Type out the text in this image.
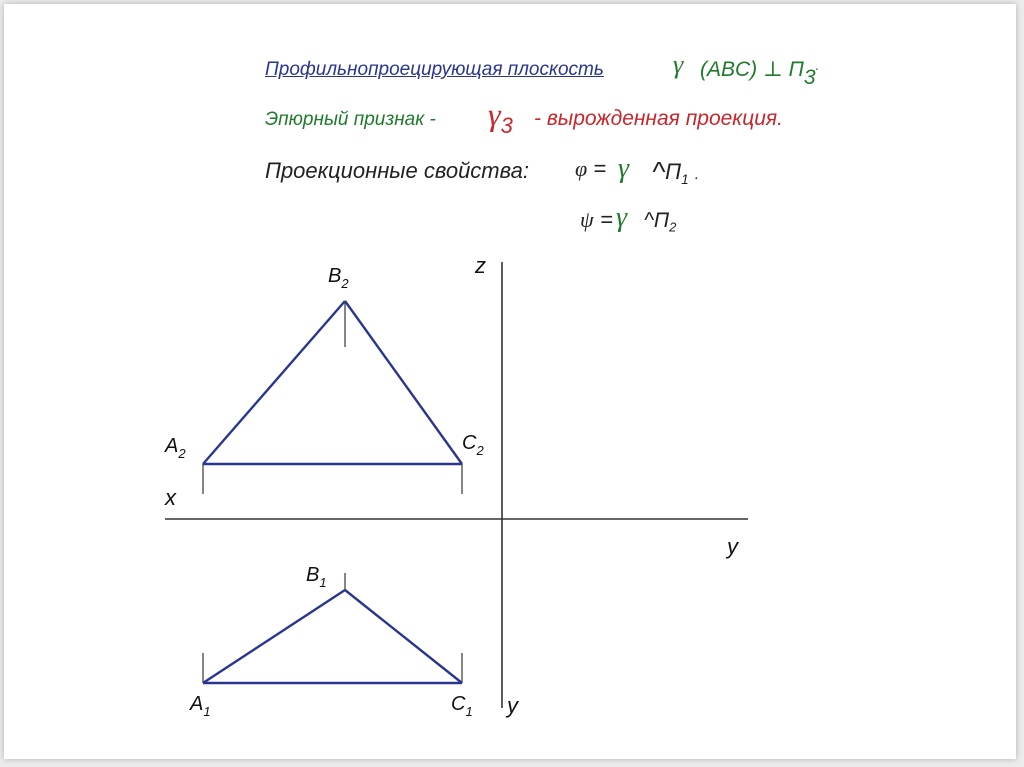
Профильнопроецирующая плоскость	γ (ABC) ⊥ П3.
Эпюрный признак - $\gamma_3$ - вырожденная проекция.
Проекционные свойства: φ = γ $\^{}П_1$ .
ψ = γ $\^{}П_2$
z
x
y
y
$B_2$
$A_2$	$C_2$
$B_1$
$A_1$	$C_1$
